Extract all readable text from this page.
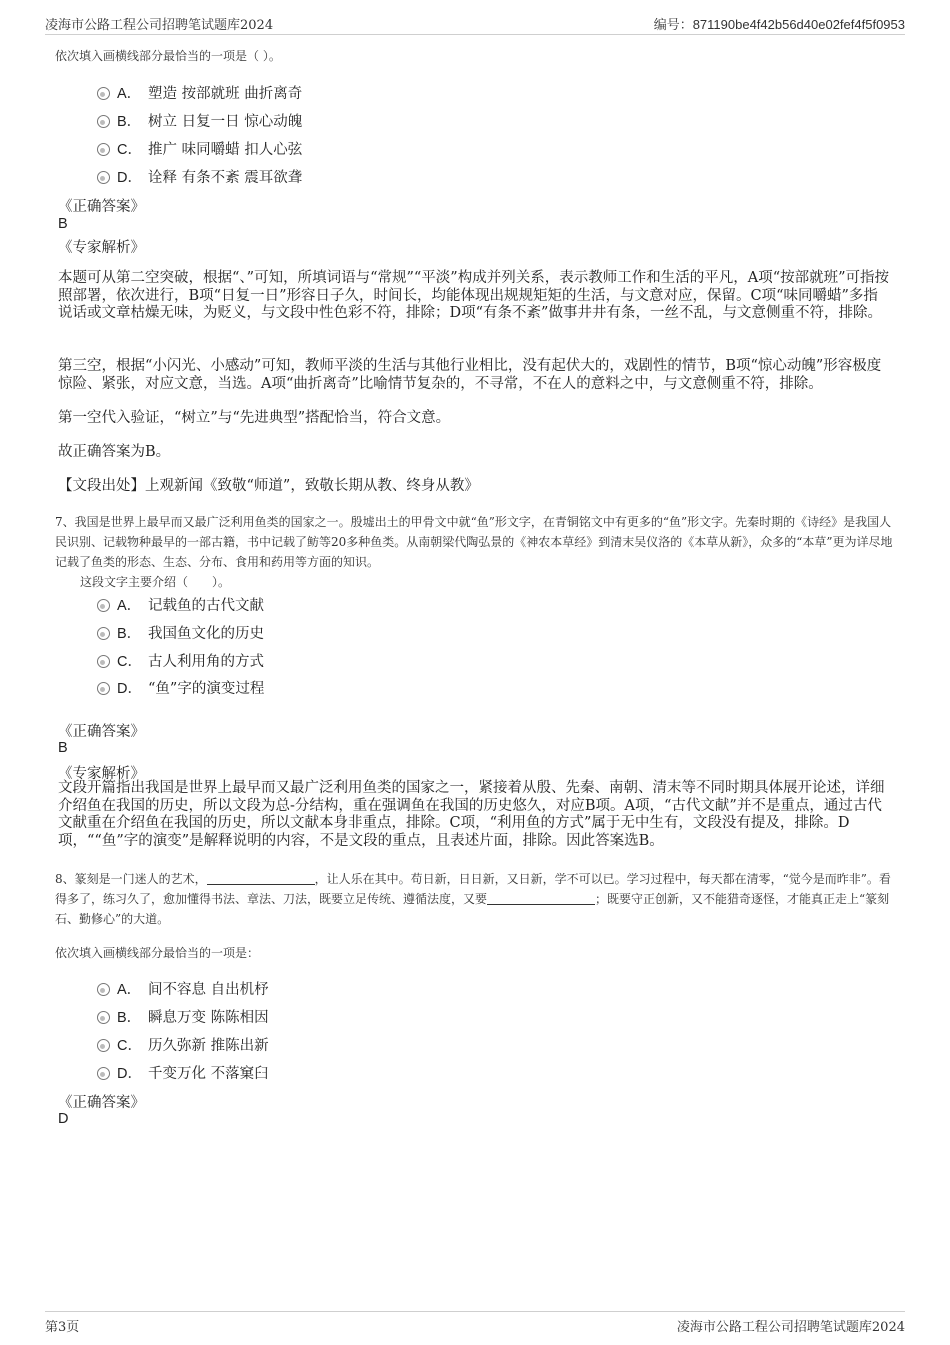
凌海市公路工程公司招聘笔试题库2024	编号：871190be4f42b56d40e02fef4f5f0953
依次填入画横线部分最恰当的一项是（ ）。
A． 塑造 按部就班 曲折离奇
B． 树立 日复一日 惊心动魄
C． 推广 味同嚼蜡 扣人心弦
D． 诠释 有条不紊 震耳欲聋
《正确答案》
B
《专家解析》
本题可从第二空突破，根据“、”可知，所填词语与“常规”“平淡”构成并列关系，表示教师工作和生活的平凡，A项“按部就班”可指按照部署，依次进行，B项“日复一日”形容日子久，时间长，均能体现出规规矩矩的生活，与文意对应，保留。C项“味同嚼蜡”多指说话或文章枯燥无味，为贬义，与文段中性色彩不符，排除；D项“有条不紊”做事井井有条，一丝不乱，与文意侧重不符，排除。
第三空，根据“小闪光、小感动”可知，教师平淡的生活与其他行业相比，没有起伏大的，戏剧性的情节，B项“惊心动魄”形容极度惊险、紧张，对应文意，当选。A项“曲折离奇”比喻情节复杂的，不寻常，不在人的意料之中，与文意侧重不符，排除。
第一空代入验证，“树立”与“先进典型”搭配恰当，符合文意。
故正确答案为B。
【文段出处】上观新闻《致敬“师道”，致敬长期从教、终身从教》
7、我国是世界上最早而又最广泛利用鱼类的国家之一。殷墟出土的甲骨文中就“鱼”形文字，在青铜铭文中有更多的“鱼”形文字。先秦时期的《诗经》是我国人民识别、记载物种最早的一部古籍，书中记载了鲂等20多种鱼类。从南朝梁代陶弘景的《神农本草经》到清末吴仪洛的《本草从新》，众多的“本草”更为详尽地记载了鱼类的形态、生态、分布、食用和药用等方面的知识。
这段文字主要介绍（　　）。
A． 记载鱼的古代文献
B． 我国鱼文化的历史
C． 古人利用角的方式
D． “鱼”字的演变过程
《正确答案》
B
《专家解析》
文段开篇指出我国是世界上最早而又最广泛利用鱼类的国家之一，紧接着从殷、先秦、南朝、清末等不同时期具体展开论述，详细介绍鱼在我国的历史，所以文段为总-分结构，重在强调鱼在我国的历史悠久，对应B项。A项，“古代文献”并不是重点，通过古代文献重在介绍鱼在我国的历史，所以文献本身非重点，排除。C项，“利用鱼的方式”属于无中生有，文段没有提及，排除。D项，““鱼”字的演变”是解释说明的内容，不是文段的重点，且表述片面，排除。因此答案选B。
8、篆刻是一门迷人的艺术，	，让人乐在其中。苟日新，日日新，又日新，学不可以已。学习过程中，每天都在清零，“觉今是而昨非”。看得多了，练习久了，愈加懂得书法、章法、刀法，既要立足传统、遵循法度，又要	；既要守正创新，又不能猎奇逐怪，才能真正走上“篆刻石、勤修心”的大道。
依次填入画横线部分最恰当的一项是：
A． 间不容息 自出机杼
B． 瞬息万变 陈陈相因
C． 历久弥新 推陈出新
D． 千变万化 不落窠臼
《正确答案》
D
第3页	凌海市公路工程公司招聘笔试题库2024
